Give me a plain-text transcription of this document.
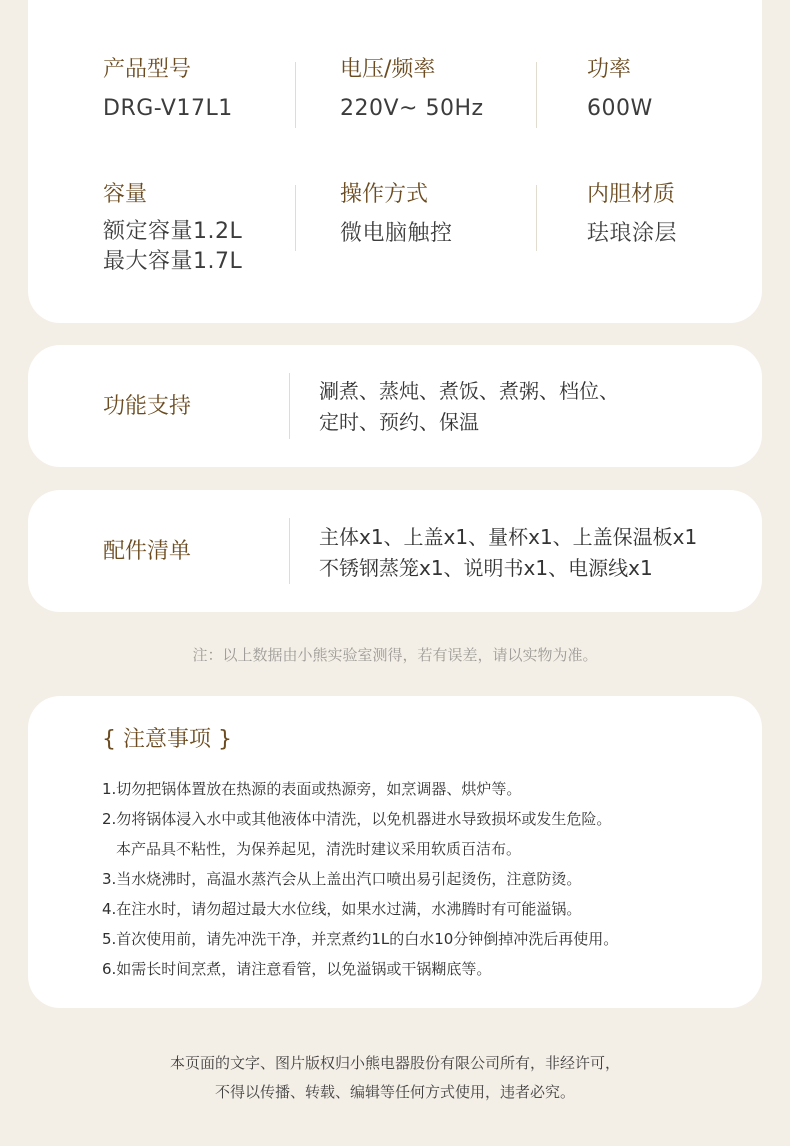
产品型号
DRG-V17L1
电压/频率
220V~ 50Hz
功率
600W
容量
额定容量1.2L
最大容量1.7L
操作方式
微电脑触控
内胆材质
珐琅涂层
功能支持
涮煮、蒸炖、煮饭、煮粥、档位、
定时、预约、保温
配件清单
主体x1、上盖x1、量杯x1、上盖保温板x1
不锈钢蒸笼x1、说明书x1、电源线x1
注：以上数据由小熊实验室测得，若有误差，请以实物为准。
{ 注意事项 }
1.切勿把锅体置放在热源的表面或热源旁，如烹调器、烘炉等。
2.勿将锅体浸入水中或其他液体中清洗，以免机器进水导致损坏或发生危险。
本产品具不粘性，为保养起见，清洗时建议采用软质百洁布。
3.当水烧沸时，高温水蒸汽会从上盖出汽口喷出易引起烫伤，注意防烫。
4.在注水时，请勿超过最大水位线，如果水过满，水沸腾时有可能溢锅。
5.首次使用前，请先冲洗干净，并烹煮约1L的白水10分钟倒掉冲洗后再使用。
6.如需长时间烹煮，请注意看管，以免溢锅或干锅糊底等。
本页面的文字、图片版权归小熊电器股份有限公司所有，非经许可，
不得以传播、转载、编辑等任何方式使用，违者必究。
